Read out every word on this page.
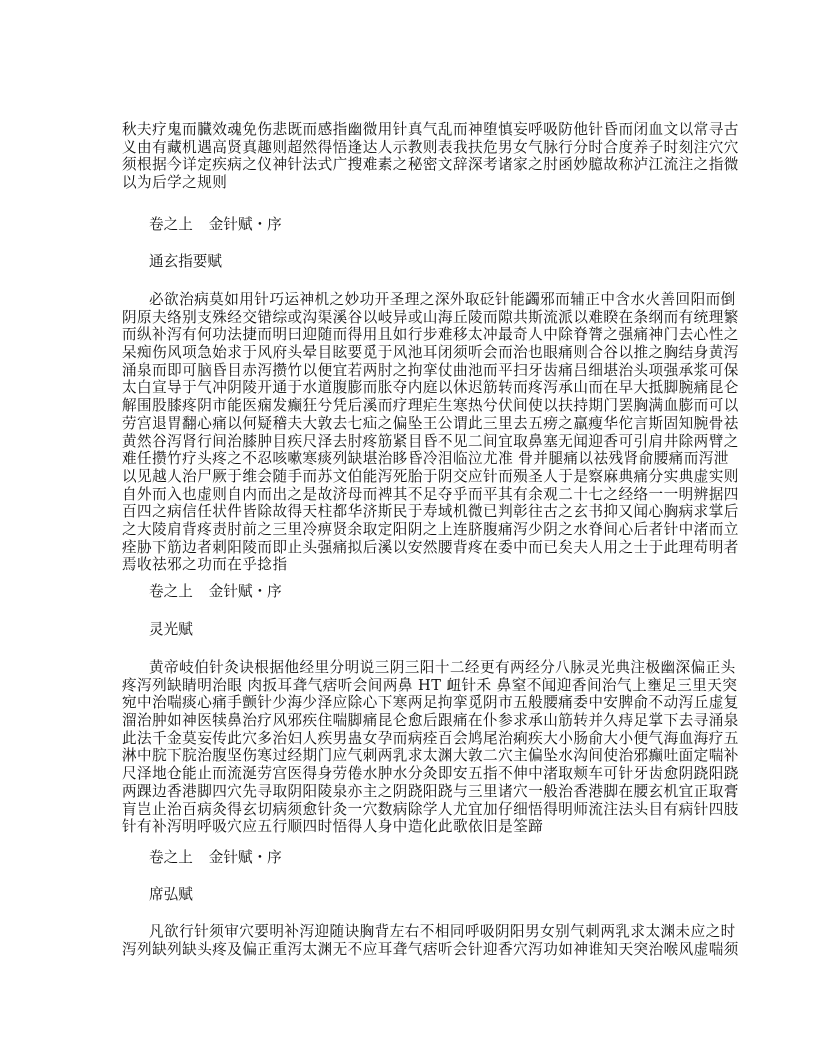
秋夫疗鬼而臓效魂免伤悲既而感指幽微用针真气乱而神堕慎妄呼吸防他针昏而闭血文以常寻古
义由有藏机遇高贤真趣则超然得悟逢达人示教则表我扶危男女气脉行分时合度养子时刻注穴穴
须根据今详定疾病之仪神针法式广搜难素之秘密文辞深考诸家之肘函妙臆故称泸江流注之指微
以为后学之规则
卷之上 金针赋・序
通玄指要赋
必欲治病莫如用针巧运神机之妙功开圣理之深外取砭针能蠲邪而辅正中含水火善回阳而倒
阴原夫络别支殊经交错综或沟渠溪谷以岐异或山海丘陵而隙共斯流派以难睽在条纲而有统理繁
而纵补泻有何功法捷而明曰迎随而得用且如行步难移太冲最奇人中除脊膂之强痛神门去心性之
呆痴伤风项急始求于风府头晕目眩要觅于风池耳闭须听会而治也眼痛则合谷以推之胸结身黄泻
涌泉而即可脑昏目赤泻攒竹以便宜若两肘之拘挛仗曲池而平扫牙齿痛吕细堪治头项强承浆可保
太白宣导于气冲阴陵开通于水道腹膨而胀夺内庭以休迟筋转而疼泻承山而在早大抵脚腕痛昆仑
解围股膝疼阴市能医痫发癫狂兮凭后溪而疗理疟生寒热兮伏间使以扶持期门罢胸满血膨而可以
劳宫退胃翻心痛以何疑稽夫大敦去七疝之偏坠王公谓此三里去五痨之羸瘦华佗言斯固知腕骨祛
黄然谷泻肾行间治膝肿目疾尺泽去肘疼筋紧目昏不见二间宜取鼻塞无闻迎香可引肩井除两臂之
难任攒竹疗头疼之不忍咳嗽寒痰列缺堪治眵昏冷泪临泣尤准 骨并腿痛以祛残肾俞腰痛而泻泄
以见越人治尸厥于维会随手而苏文伯能泻死胎于阴交应针而殒圣人于是察麻典痛分实典虚实则
自外而入也虚则自内而出之是故济母而裨其不足夺乎而平其有余观二十七之经络一一明辨据四
百四之病信任状件皆除故得天柱都华济斯民于寿域机微已判彰往古之玄书抑又闻心胸病求掌后
之大陵肩背疼责肘前之三里冷痹贤余取定阳阴之上连脐腹痛泻少阴之水脊间心后者针中渚而立
痊胁下筋边者刺阳陵而即止头强痛拟后溪以安然腰背疼在委中而已矣夫人用之士于此理苟明者
焉收祛邪之功而在乎捻指
卷之上 金针赋・序
灵光赋
黄帝岐伯针灸诀根据他经里分明说三阴三阳十二经更有两经分八脉灵光典注极幽深偏正头
疼泻列缺睛明治眼 肉扳耳聋气痞听会间两鼻 HT 衄针禾 鼻窒不闻迎香间治气上壅足三里天突
宛中治喘痰心痛手颤针少海少泽应除心下寒两足拘挛觅阴市五般腰痛委中安脾俞不动泻丘虚复
溜治肿如神医犊鼻治疗风邪疾住喘脚痛昆仑愈后跟痛在仆参求承山筋转并久痔足掌下去寻涌泉
此法千金莫妄传此穴多治妇人疾男蛊女孕而病痊百会鸠尾治痢疾大小肠俞大小便气海血海疗五
淋中脘下脘治腹坚伤寒过经期门应气刺两乳求太渊大敦二穴主偏坠水沟间使治邪癫吐面定喘补
尺泽地仓能止而流涎劳宫医得身劳倦水肿水分灸即安五指不伸中渚取颊车可针牙齿愈阴跷阳跷
两踝边香港脚四穴先寻取阴阳陵泉亦主之阴跷阳跷与三里诸穴一般治香港脚在腰玄机宜正取膏
肓岂止治百病灸得玄切病须愈针灸一穴数病除学人尤宜加仔细悟得明师流注法头目有病针四肢
针有补泻明呼吸穴应五行顺四时悟得人身中造化此歌依旧是筌蹄
卷之上 金针赋・序
席弘赋
凡欲行针须审穴要明补泻迎随诀胸背左右不相同呼吸阴阳男女别气刺两乳求太渊未应之时
泻列缺列缺头疼及偏正重泻太渊无不应耳聋气痞听会针迎香穴泻功如神谁知天突治喉风虚喘须
